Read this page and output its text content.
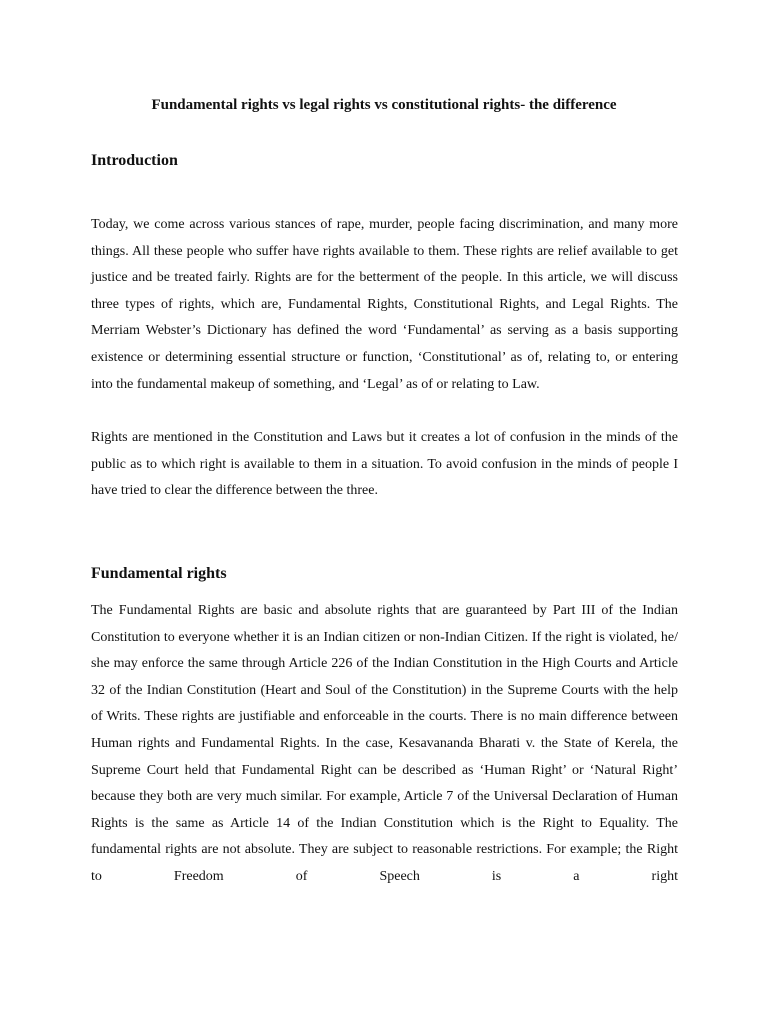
Fundamental rights vs legal rights vs constitutional rights- the difference
Introduction

Today, we come across various stances of rape, murder, people facing discrimination, and many more things. All these people who suffer have rights available to them. These rights are relief available to get justice and be treated fairly. Rights are for the betterment of the people. In this article, we will discuss three types of rights, which are, Fundamental Rights, Constitutional Rights, and Legal Rights. The Merriam Webster’s Dictionary has defined the word ‘Fundamental’ as serving as a basis supporting existence or determining essential structure or function, ‘Constitutional’ as of, relating to, or entering into the fundamental makeup of something, and ‘Legal’ as of or relating to Law.

Rights are mentioned in the Constitution and Laws but it creates a lot of confusion in the minds of the public as to which right is available to them in a situation. To avoid confusion in the minds of people I have tried to clear the difference between the three.

Fundamental rights

The Fundamental Rights are basic and absolute rights that are guaranteed by Part III of the Indian Constitution to everyone whether it is an Indian citizen or non-Indian Citizen. If the right is violated, he/ she may enforce the same through Article 226 of the Indian Constitution in the High Courts and Article 32 of the Indian Constitution (Heart and Soul of the Constitution) in the Supreme Courts with the help of Writs. These rights are justifiable and enforceable in the courts. There is no main difference between Human rights and Fundamental Rights. In the case, Kesavananda Bharati v. the State of Kerela, the Supreme Court held that Fundamental Right can be described as ‘Human Right’ or ‘Natural Right’ because they both are very much similar. For example, Article 7 of the Universal Declaration of Human Rights is the same as Article 14 of the Indian Constitution which is the Right to Equality. The fundamental rights are not absolute. They are subject to reasonable restrictions. For example; the Right to Freedom of Speech is a right
